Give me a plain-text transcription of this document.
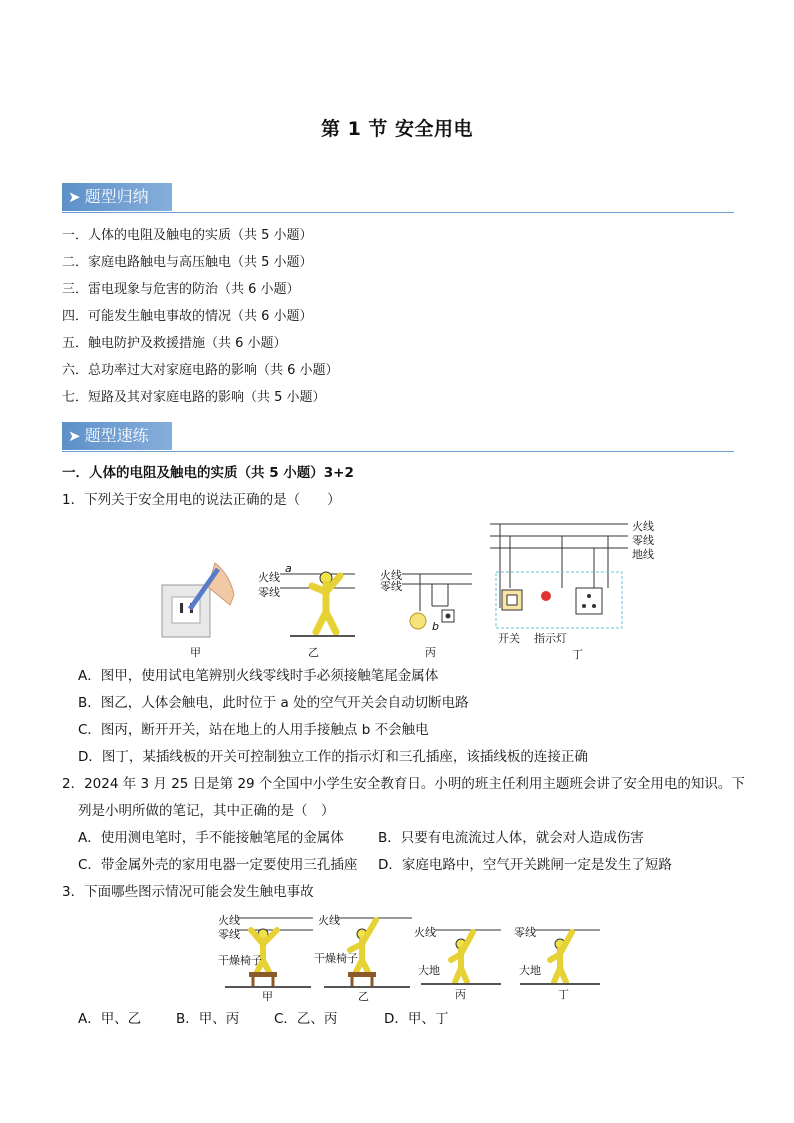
第 1 节 安全用电
➤ 题型归纳
一．人体的电阻及触电的实质（共 5 小题）
二．家庭电路触电与高压触电（共 5 小题）
三．雷电现象与危害的防治（共 6 小题）
四．可能发生触电事故的情况（共 6 小题）
五．触电防护及救援措施（共 6 小题）
六．总功率过大对家庭电路的影响（共 6 小题）
七．短路及其对家庭电路的影响（共 5 小题）
➤ 题型速练
一．人体的电阻及触电的实质（共 5 小题）3+2
1．下列关于安全用电的说法正确的是（　　）
甲
火线
零线
a
乙
火线
零线
b
丙
火线
零线
地线
开关 指示灯
丁
A．图甲，使用试电笔辨别火线零线时手必须接触笔尾金属体
B．图乙，人体会触电，此时位于 a 处的空气开关会自动切断电路
C．图丙，断开开关，站在地上的人用手接触点 b 不会触电
D．图丁，某插线板的开关可控制独立工作的指示灯和三孔插座，该插线板的连接正确
2．2024 年 3 月 25 日是第 29 个全国中小学生安全教育日。小明的班主任利用主题班会讲了安全用电的知识。下
列是小明所做的笔记，其中正确的是（　）
A．使用测电笔时，手不能接触笔尾的金属体	B．只要有电流流过人体，就会对人造成伤害
C．带金属外壳的家用电器一定要使用三孔插座 D．家庭电路中，空气开关跳闸一定是发生了短路
3．下面哪些图示情况可能会发生触电事故
火线
零线
干燥椅子
甲
火线
干燥椅子
乙
火线
大地
丙
零线
大地
丁
A．甲、乙	B．甲、丙	C．乙、丙	D．甲、丁
